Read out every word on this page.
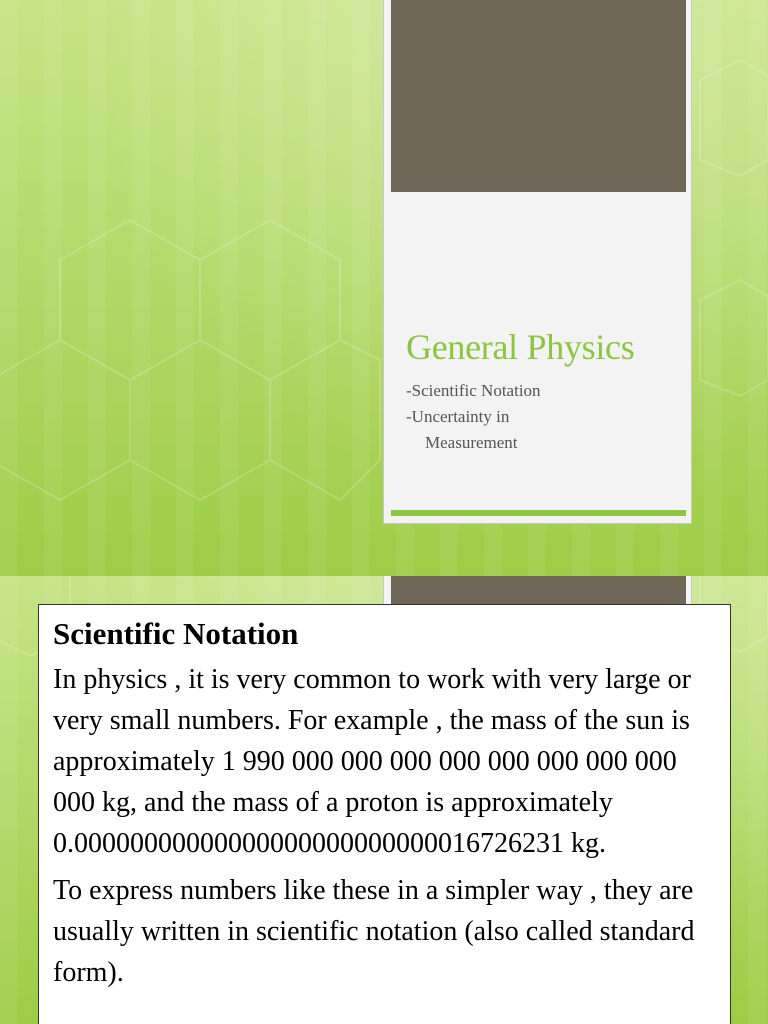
General Physics
-Scientific Notation
-Uncertainty in
Measurement
Scientific Notation
In physics , it is very common to work with very large or very small numbers. For example , the mass of the sun is approximately 1 990 000 000 000 000 000 000 000 000 000 kg, and the mass of a proton is approximately 0.00000000000000000000000000016726231 kg.
To express numbers like these in a simpler way , they are usually written in scientific notation (also called standard form).
